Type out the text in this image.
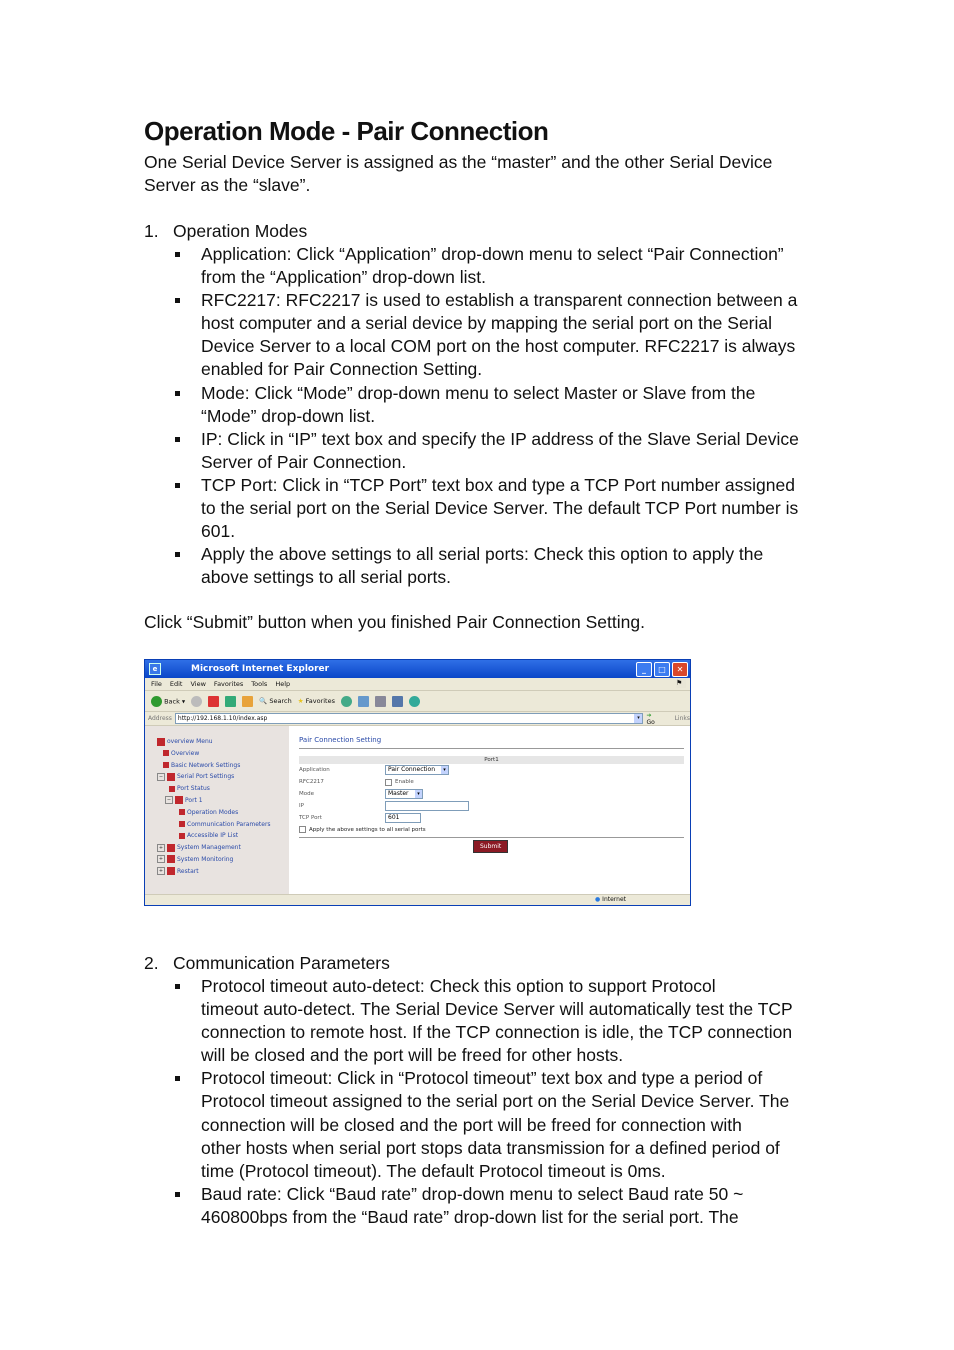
Operation Mode - Pair Connection

One Serial Device Server is assigned as the “master” and the other Serial Device
Server as the “slave”.

1. Operation Modes
Application: Click “Application” drop-down menu to select “Pair Connection”
from the “Application” drop-down list.
RFC2217: RFC2217 is used to establish a transparent connection between a
host computer and a serial device by mapping the serial port on the Serial
Device Server to a local COM port on the host computer. RFC2217 is always
enabled for Pair Connection Setting.
Mode: Click “Mode” drop-down menu to select Master or Slave from the
“Mode” drop-down list.
IP: Click in “IP” text box and specify the IP address of the Slave Serial Device
Server of Pair Connection.
TCP Port: Click in “TCP Port” text box and type a TCP Port number assigned
to the serial port on the Serial Device Server. The default TCP Port number is
601.
Apply the above settings to all serial ports: Check this option to apply the
above settings to all serial ports.
Click “Submit” button when you finished Pair Connection Setting.
e	Microsoft Internet Explorer	_	□	✕
File Edit View Favorites Tools Help	⚑
Back ▾	🔍 Search ★ Favorites
Address	http://192.168.1.10/index.asp	▾	➔ Go	Links
overview Menu
Overview
Basic Network Settings
− Serial Port Settings
Port Status
− Port 1
Operation Modes
Communication Parameters
Accessible IP List
+ System Management
+ System Monitoring
+ Restart
Pair Connection Setting
Port1
Application	Pair Connection	▾
RFC2217	Enable
Mode	Master	▾
IP
TCP Port	601
Apply the above settings to all serial ports
Submit
● Internet
2. Communication Parameters
Protocol timeout auto-detect: Check this option to support Protocol
timeout auto-detect. The Serial Device Server will automatically test the TCP
connection to remote host. If the TCP connection is idle, the TCP connection
will be closed and the port will be freed for other hosts.
Protocol timeout: Click in “Protocol timeout” text box and type a period of
Protocol timeout assigned to the serial port on the Serial Device Server. The
connection will be closed and the port will be freed for connection with
other hosts when serial port stops data transmission for a defined period of
time (Protocol timeout). The default Protocol timeout is 0ms.
Baud rate: Click “Baud rate” drop-down menu to select Baud rate 50 ~
460800bps from the “Baud rate” drop-down list for the serial port. The
